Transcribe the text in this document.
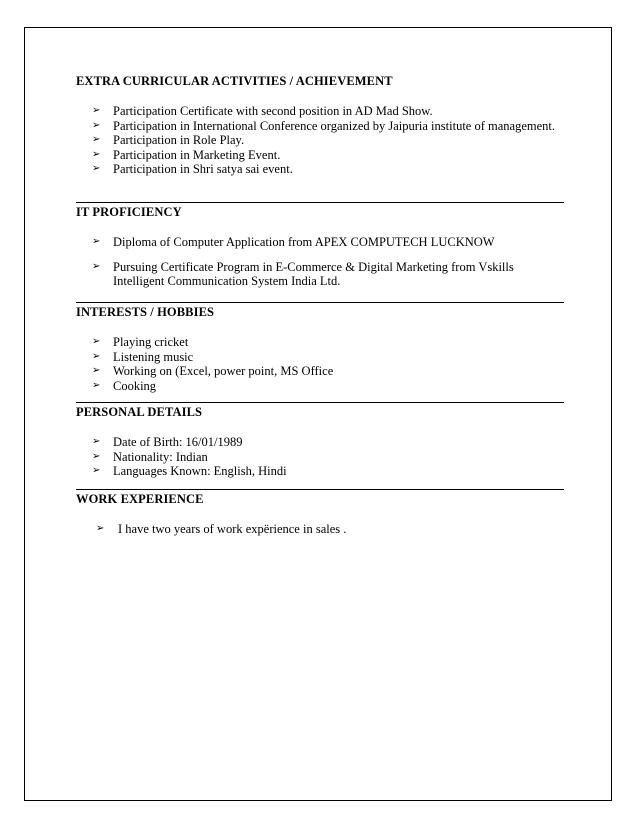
EXTRA CURRICULAR ACTIVITIES / ACHIEVEMENT
➢ Participation Certificate with second position in AD Mad Show.
➢ Participation in International Conference organized by Jaipuria institute of management.
➢ Participation in Role Play.
➢ Participation in Marketing Event.
➢ Participation in Shri satya sai event.
IT PROFICIENCY
➢ Diploma of Computer Application from APEX COMPUTECH LUCKNOW
➢ Pursuing Certificate Program in E-Commerce & Digital Marketing from Vskills Intelligent Communication System India Ltd.
INTERESTS / HOBBIES
➢ Playing cricket
➢ Listening music
➢ Working on (Excel, power point, MS Office
➢ Cooking
PERSONAL DETAILS
➢ Date of Birth: 16/01/1989
➢ Nationality: Indian
➢ Languages Known: English, Hindi
WORK EXPERIENCE
➢ I have two years of work expërience in sales .
